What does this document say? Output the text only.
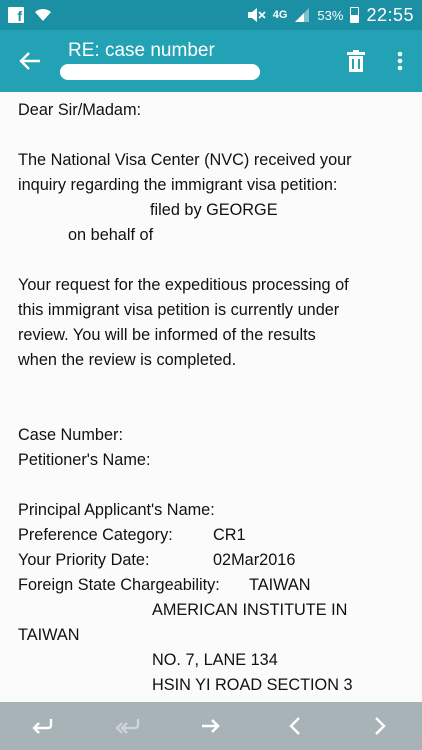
f	4G 53% 22:55
RE: case number

Dear Sir/Madam:

The National Visa Center (NVC) received your

inquiry regarding the immigrant visa petition:

filed by GEORGE

on behalf of

Your request for the expeditious processing of

this immigrant visa petition is currently under

review. You will be informed of the results

when the review is completed.

Case Number:

Petitioner's Name:

Principal Applicant's Name:

Preference Category:	CR1
Your Priority Date:	02Mar2016
Foreign State Chargeability:	TAIWAN

AMERICAN INSTITUTE IN

TAIWAN

NO. 7, LANE 134

HSIN YI ROAD SECTION 3
